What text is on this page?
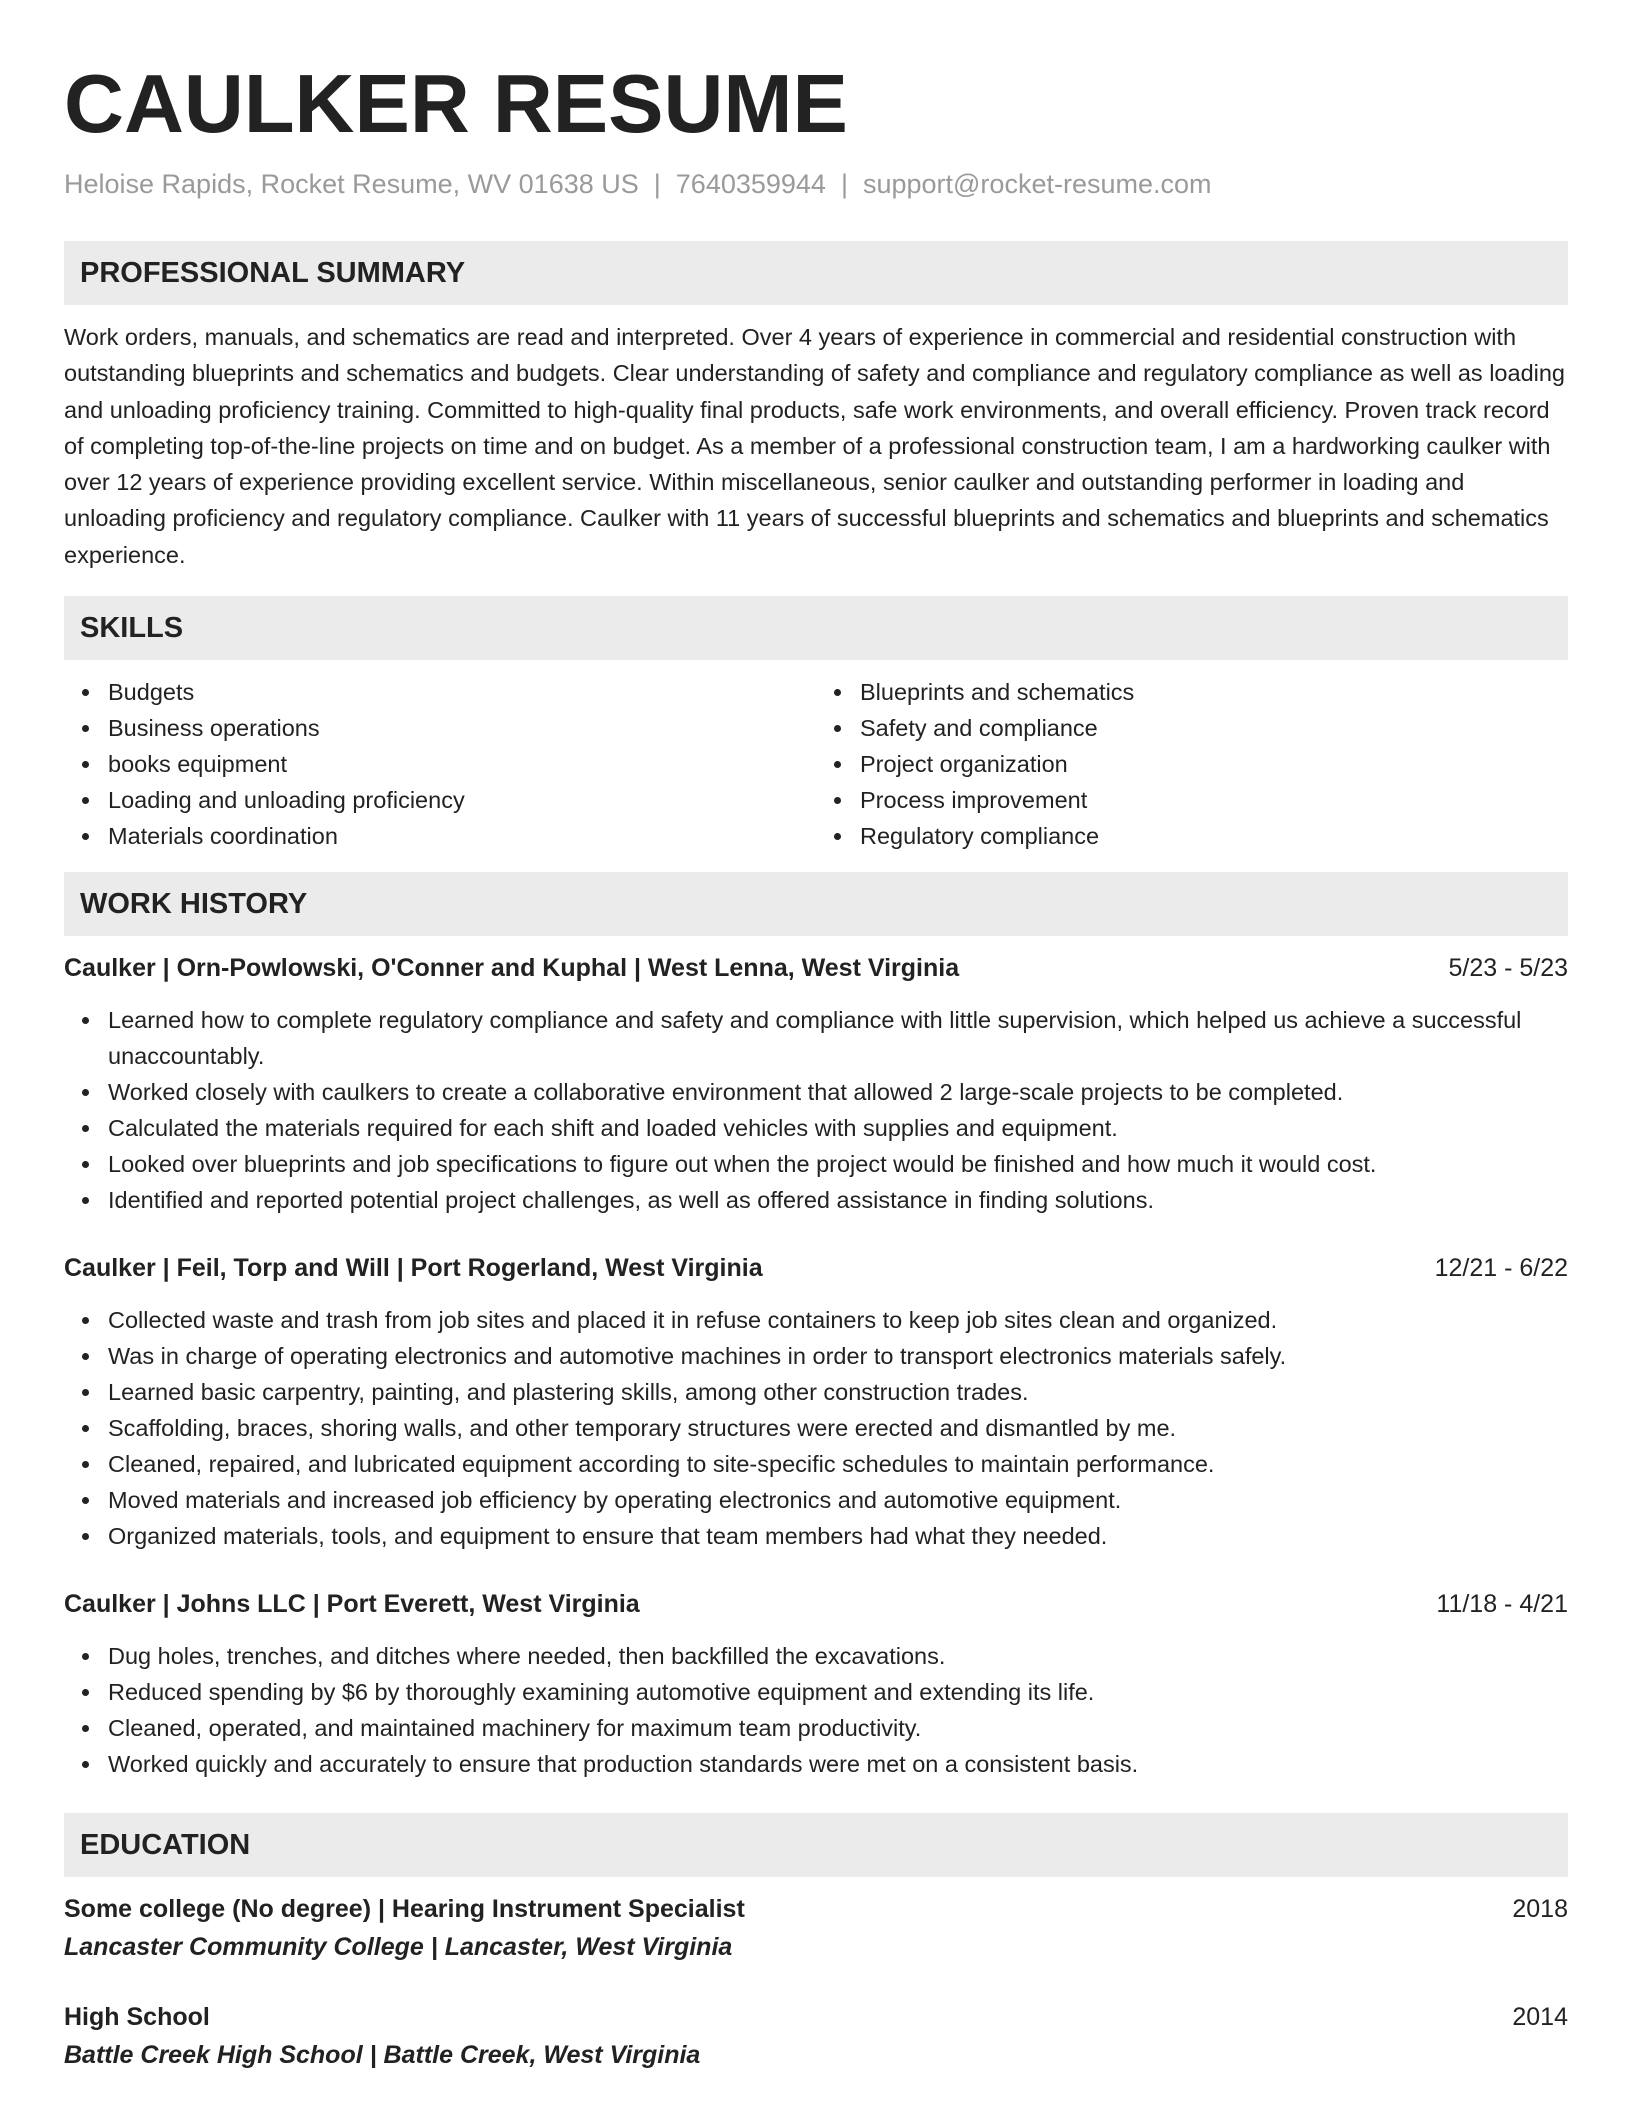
CAULKER RESUME
Heloise Rapids, Rocket Resume, WV 01638 US | 7640359944 | support@rocket-resume.com
PROFESSIONAL SUMMARY

Work orders, manuals, and schematics are read and interpreted. Over 4 years of experience in commercial and residential construction with outstanding blueprints and schematics and budgets. Clear understanding of safety and compliance and regulatory compliance as well as loading and unloading proficiency training. Committed to high-quality final products, safe work environments, and overall efficiency. Proven track record of completing top-of-the-line projects on time and on budget. As a member of a professional construction team, I am a hardworking caulker with over 12 years of experience providing excellent service. Within miscellaneous, senior caulker and outstanding performer in loading and unloading proficiency and regulatory compliance. Caulker with 11 years of successful blueprints and schematics and blueprints and schematics experience.

SKILLS
Budgets
Business operations
books equipment
Loading and unloading proficiency
Materials coordination
Blueprints and schematics
Safety and compliance
Project organization
Process improvement
Regulatory compliance
WORK HISTORY
Caulker | Orn-Powlowski, O'Conner and Kuphal | West Lenna, West Virginia	5/23 - 5/23
Learned how to complete regulatory compliance and safety and compliance with little supervision, which helped us achieve a successful unaccountably.
Worked closely with caulkers to create a collaborative environment that allowed 2 large-scale projects to be completed.
Calculated the materials required for each shift and loaded vehicles with supplies and equipment.
Looked over blueprints and job specifications to figure out when the project would be finished and how much it would cost.
Identified and reported potential project challenges, as well as offered assistance in finding solutions.
Caulker | Feil, Torp and Will | Port Rogerland, West Virginia	12/21 - 6/22
Collected waste and trash from job sites and placed it in refuse containers to keep job sites clean and organized.
Was in charge of operating electronics and automotive machines in order to transport electronics materials safely.
Learned basic carpentry, painting, and plastering skills, among other construction trades.
Scaffolding, braces, shoring walls, and other temporary structures were erected and dismantled by me.
Cleaned, repaired, and lubricated equipment according to site-specific schedules to maintain performance.
Moved materials and increased job efficiency by operating electronics and automotive equipment.
Organized materials, tools, and equipment to ensure that team members had what they needed.
Caulker | Johns LLC | Port Everett, West Virginia	11/18 - 4/21
Dug holes, trenches, and ditches where needed, then backfilled the excavations.
Reduced spending by $6 by thoroughly examining automotive equipment and extending its life.
Cleaned, operated, and maintained machinery for maximum team productivity.
Worked quickly and accurately to ensure that production standards were met on a consistent basis.
EDUCATION
Some college (No degree) | Hearing Instrument Specialist	2018
Lancaster Community College | Lancaster, West Virginia
High School	2014
Battle Creek High School | Battle Creek, West Virginia
